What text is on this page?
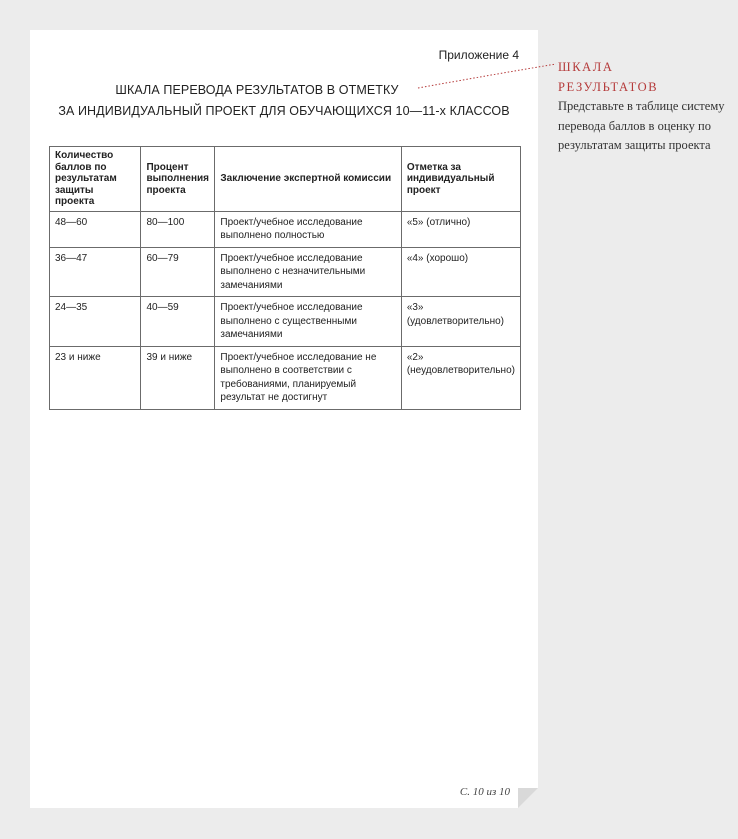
Приложение 4
ШКАЛА ПЕРЕВОДА РЕЗУЛЬТАТОВ В ОТМЕТКУ
ЗА ИНДИВИДУАЛЬНЫЙ ПРОЕКТ ДЛЯ ОБУЧАЮЩИХСЯ 10—11-х КЛАССОВ
Количество баллов по результатам защиты проекта	Процент выполнения проекта	Заключение экспертной комиссии	Отметка за индивидуальный проект
48—60	80—100	Проект/учебное исследование выполнено полностью	«5» (отлично)
36—47	60—79	Проект/учебное исследование выполнено с незначительными замечаниями	«4» (хорошо)
24—35	40—59	Проект/учебное исследование выполнено с существенными замечаниями	«3» (удовлетворительно)
23 и ниже	39 и ниже	Проект/учебное исследование не выполнено в соответствии с требованиями, планируемый результат не достигнут	«2» (неудовлетворительно)
С. 10 из 10
ШКАЛА
РЕЗУЛЬТАТОВ
Представьте в таблице систему перевода баллов в оценку по результатам защиты проекта
